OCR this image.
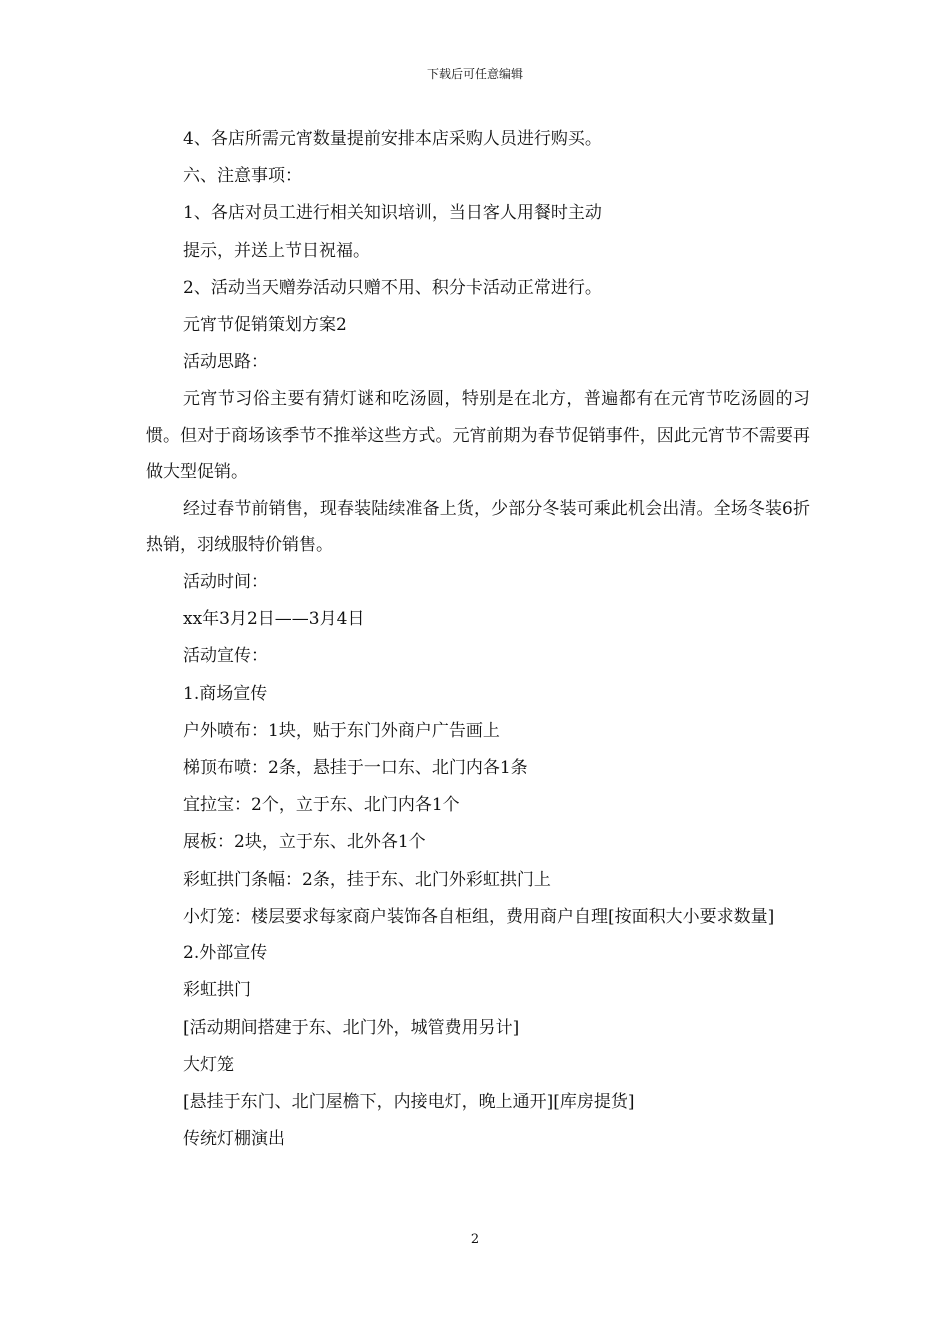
下载后可任意编辑
4、各店所需元宵数量提前安排本店采购人员进行购买。
六、注意事项：
1、各店对员工进行相关知识培训，当日客人用餐时主动
提示，并送上节日祝福。
2、活动当天赠券活动只赠不用、积分卡活动正常进行。
元宵节促销策划方案2
活动思路：
元宵节习俗主要有猜灯谜和吃汤圆，特别是在北方，普遍都有在元宵节吃汤圆的习惯。但对于商场该季节不推举这些方式。元宵前期为春节促销事件，因此元宵节不需要再做大型促销。
经过春节前销售，现春装陆续准备上货，少部分冬装可乘此机会出清。全场冬装6折热销，羽绒服特价销售。
活动时间：
xx年3月2日——3月4日
活动宣传：
1.商场宣传
户外喷布：1块，贴于东门外商户广告画上
梯顶布喷：2条，悬挂于一口东、北门内各1条
宜拉宝：2个，立于东、北门内各1个
展板：2块，立于东、北外各1个
彩虹拱门条幅：2条，挂于东、北门外彩虹拱门上
小灯笼：楼层要求每家商户装饰各自柜组，费用商户自理[按面积大小要求数量]
2.外部宣传
彩虹拱门
[活动期间搭建于东、北门外，城管费用另计]
大灯笼
[悬挂于东门、北门屋檐下，内接电灯，晚上通开][库房提货]
传统灯棚演出
2
